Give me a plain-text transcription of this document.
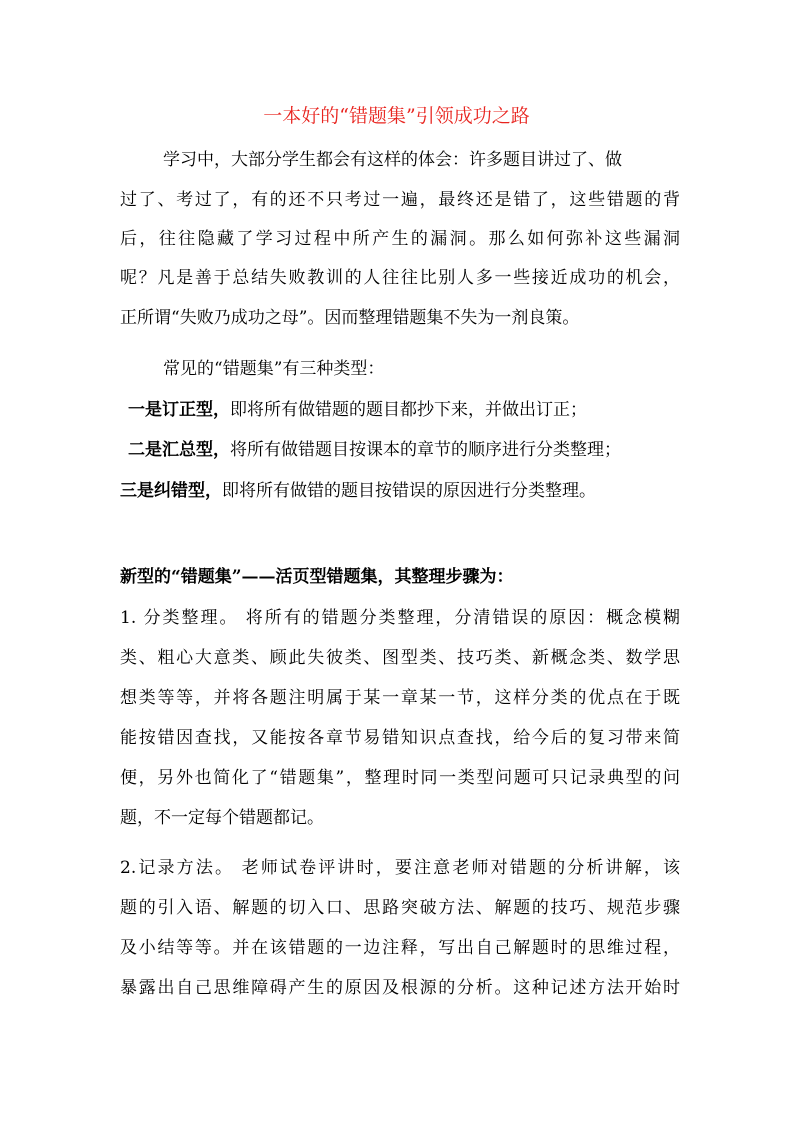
一本好的“错题集”引领成功之路
学习中，大部分学生都会有这样的体会：许多题目讲过了、做
过了、考过了，有的还不只考过一遍，最终还是错了，这些错题的背
后，往往隐藏了学习过程中所产生的漏洞。那么如何弥补这些漏洞
呢？凡是善于总结失败教训的人往往比别人多一些接近成功的机会，
正所谓“失败乃成功之母”。因而整理错题集不失为一剂良策。
常见的“错题集”有三种类型：
一是订正型，即将所有做错题的题目都抄下来，并做出订正；
二是汇总型，将所有做错题目按课本的章节的顺序进行分类整理；
三是纠错型，即将所有做错的题目按错误的原因进行分类整理。
新型的“错题集”——活页型错题集，其整理步骤为：
1. 分类整理。 将所有的错题分类整理，分清错误的原因：概念模糊
类、粗心大意类、顾此失彼类、图型类、技巧类、新概念类、数学思
想类等等，并将各题注明属于某一章某一节，这样分类的优点在于既
能按错因查找，又能按各章节易错知识点查找，给今后的复习带来简
便，另外也简化了“错题集”，整理时同一类型问题可只记录典型的问
题，不一定每个错题都记。
2.记录方法。 老师试卷评讲时，要注意老师对错题的分析讲解，该
题的引入语、解题的切入口、思路突破方法、解题的技巧、规范步骤
及小结等等。并在该错题的一边注释，写出自己解题时的思维过程，
暴露出自己思维障碍产生的原因及根源的分析。这种记述方法开始时
